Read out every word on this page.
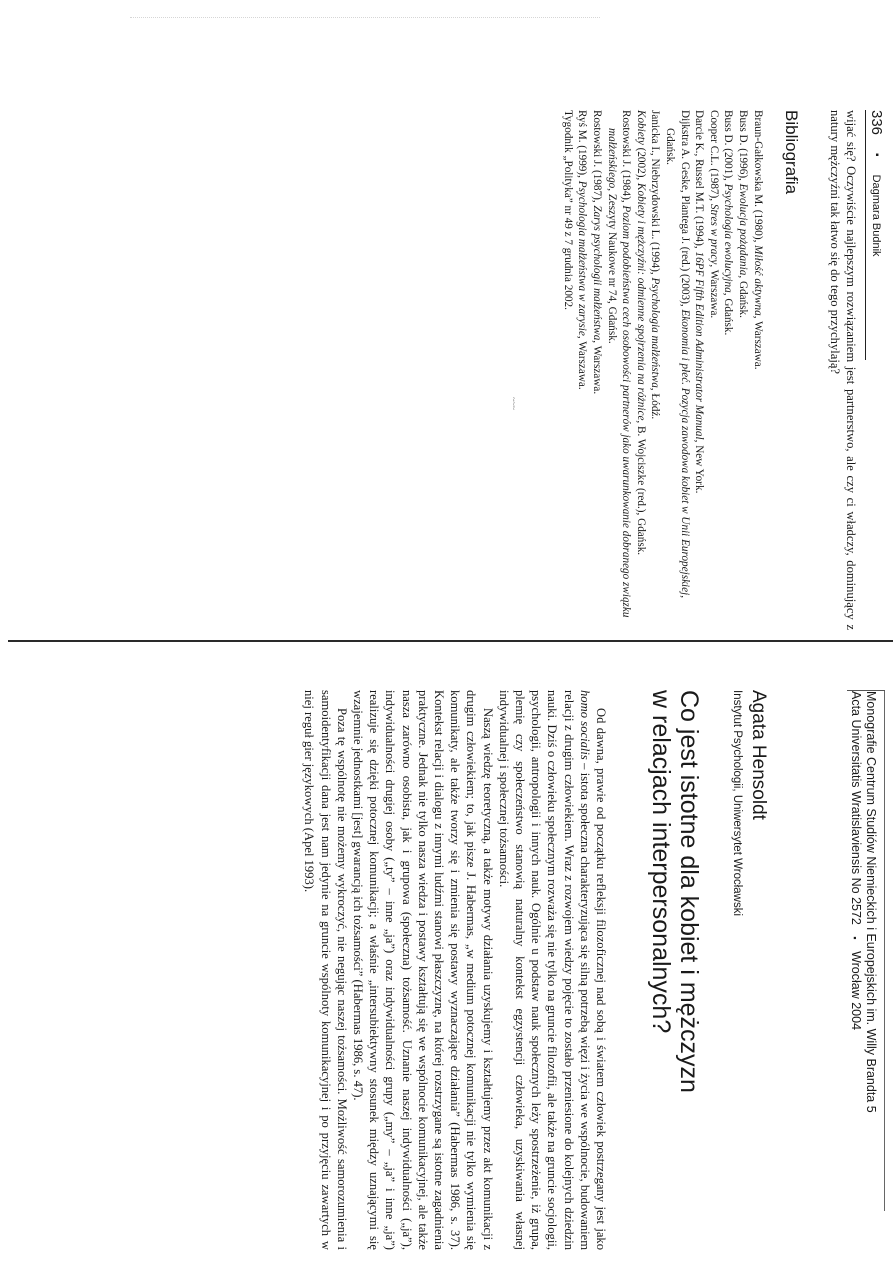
336
▪
Dagmara Budnik

wijać się? Oczywiście najlepszym rozwiązaniem jest partnerstwo, ale czy ci władczy, dominujący z natury mężczyźni tak łatwo się do tego przychylają?

Bibliografia
Braun-Gałkowska M. (1980), Miłość aktywna, Warszawa.
Buss D. (1996), Ewolucja pożądania, Gdańsk.
Buss D. (2001), Psychologia ewolucyjna, Gdańsk.
Cooper C.L. (1987), Stres w pracy, Warszawa.
Darcie K., Russel M.T. (1994), 16PF Fifth Edition Administrator Manual, New York.
Dijkstra A. Geske, Plantega J. (red.) (2003), Ekonomia i płeć. Pozycja zawodowa kobiet w Unii Europejskiej, Gdańsk.
Janicka I., Niebrzydowski L. (1994), Psychologia małżeństwa, Łódź.
Kobiety (2002), Kobiety i mężczyźni: odmienne spojrzenia na różnice, B. Wojciszke (red.), Gdańsk.
Rostowski J. (1984), Poziom podobieństwa cech osobowości partnerów jako uwarunkowanie dobranego związku małżeńskiego, Zeszyty Naukowe nr 74, Gdańsk.
Rostowski J. (1987), Zarys psychologii małżeństwa, Warszawa.
Ryś M. (1999), Psychologia małżeństwa w zarysie, Warszawa.
Tygodnik „Polityka” nr 49 z 7 grudnia 2002.
~~~
Monografie Centrum Studiów Niemieckich i Europejskich im. Willy Brandta 5
Acta Universitatis Wratislaviensis No 2572 ▪ Wrocław 2004
Agata Hensoldt
Instytut Psychologii, Uniwersytet Wrocławski
Co jest istotne dla kobiet i mężczyzn
w relacjach interpersonalnych?

Od dawna, prawie od początku refleksji filozoficznej nad sobą i światem człowiek postrzegany jest jako homo socialis – istota społeczna charakteryzująca się silną potrzebą więzi i życia we wspólnocie, budowaniem relacji z drugim człowiekiem. Wraz z rozwojem wiedzy pojęcie to zostało przeniesione do kolejnych dziedzin nauki. Dziś o człowieku społecznym rozważa się nie tylko na gruncie filozofii, ale także na gruncie socjologii, psychologii, antropologii i innych nauk. Ogólnie u podstaw nauk społecznych leży spostrzeżenie, iż grupa, plemię czy społeczeństwo stanowią naturalny kontekst egzystencji człowieka, uzyskiwania własnej indywidualnej i społecznej tożsamości.

Naszą wiedzę teoretyczną, a także motywy działania uzyskujemy i kształtujemy przez akt komunikacji z drugim człowiekiem; to, jak pisze J. Habermas, „w medium potocznej komunikacji nie tylko wymienia się komunikaty, ale także tworzy się i zmienia się postawy wyznaczające działania” (Habermas 1986, s. 37). Kontekst relacji i dialogu z innymi ludźmi stanowi płaszczyznę, na której rozstrzygane są istotne zagadnienia praktyczne. Jednak nie tylko nasza wiedza i postawy kształtują się we wspólnocie komunikacyjnej, ale także nasza zarówno osobista, jak i grupowa (społeczna) tożsamość. Uznanie naszej indywidualności („ja”), indywidualności drugiej osoby („ty” – inne „ja”) oraz indywidualności grupy („my” – „ja” i inne „ja”) realizuje się dzięki potocznej komunikacji; a właśnie „intersubiektywny stosunek między uznającymi się wzajemnie jednostkami [jest] gwarancją ich tożsamości” (Habermas 1986, s. 47).

Poza tę wspólnotę nie możemy wykroczyć, nie negując naszej tożsamości. Możliwość samorozumienia i samoidentyfikacji dana jest nam jedynie na gruncie wspólnoty komunikacyjnej i po przyjęciu zawartych w niej reguł gier językowych (Apel 1993).
